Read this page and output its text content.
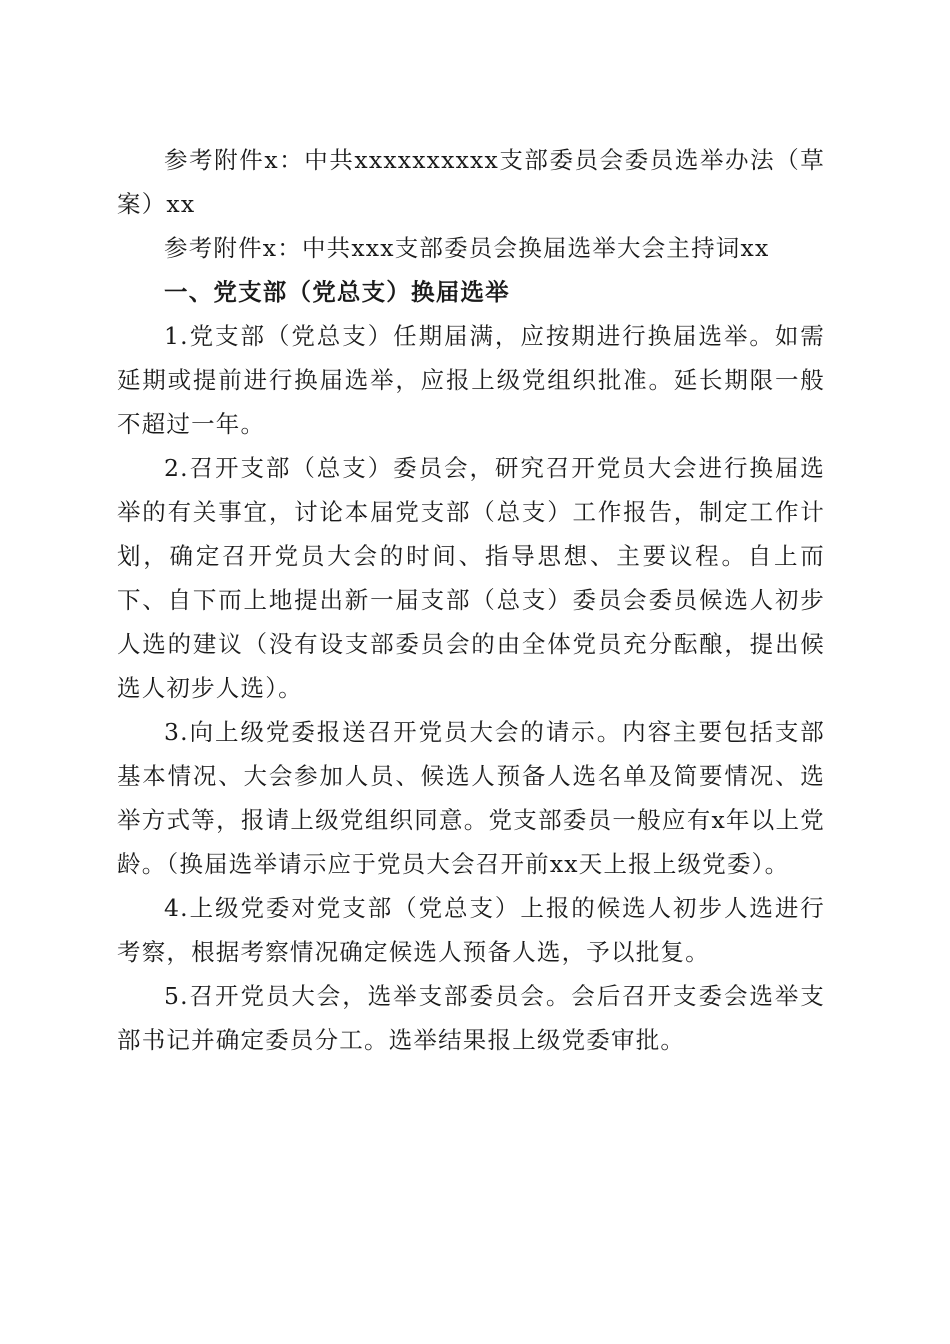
参考附件x：中共xxxxxxxxxx支部委员会委员选举办法（草案）xx

参考附件x：中共xxx支部委员会换届选举大会主持词xx

一、党支部（党总支）换届选举

1.党支部（党总支）任期届满，应按期进行换届选举。如需延期或提前进行换届选举，应报上级党组织批准。延长期限一般不超过一年。

2.召开支部（总支）委员会，研究召开党员大会进行换届选举的有关事宜，讨论本届党支部（总支）工作报告，制定工作计划，确定召开党员大会的时间、指导思想、主要议程。自上而下、自下而上地提出新一届支部（总支）委员会委员候选人初步人选的建议（没有设支部委员会的由全体党员充分酝酿，提出候选人初步人选）。

3.向上级党委报送召开党员大会的请示。内容主要包括支部基本情况、大会参加人员、候选人预备人选名单及简要情况、选举方式等，报请上级党组织同意。党支部委员一般应有x年以上党龄。（换届选举请示应于党员大会召开前xx天上报上级党委）。

4.上级党委对党支部（党总支）上报的候选人初步人选进行考察，根据考察情况确定候选人预备人选，予以批复。

5.召开党员大会，选举支部委员会。会后召开支委会选举支部书记并确定委员分工。选举结果报上级党委审批。
